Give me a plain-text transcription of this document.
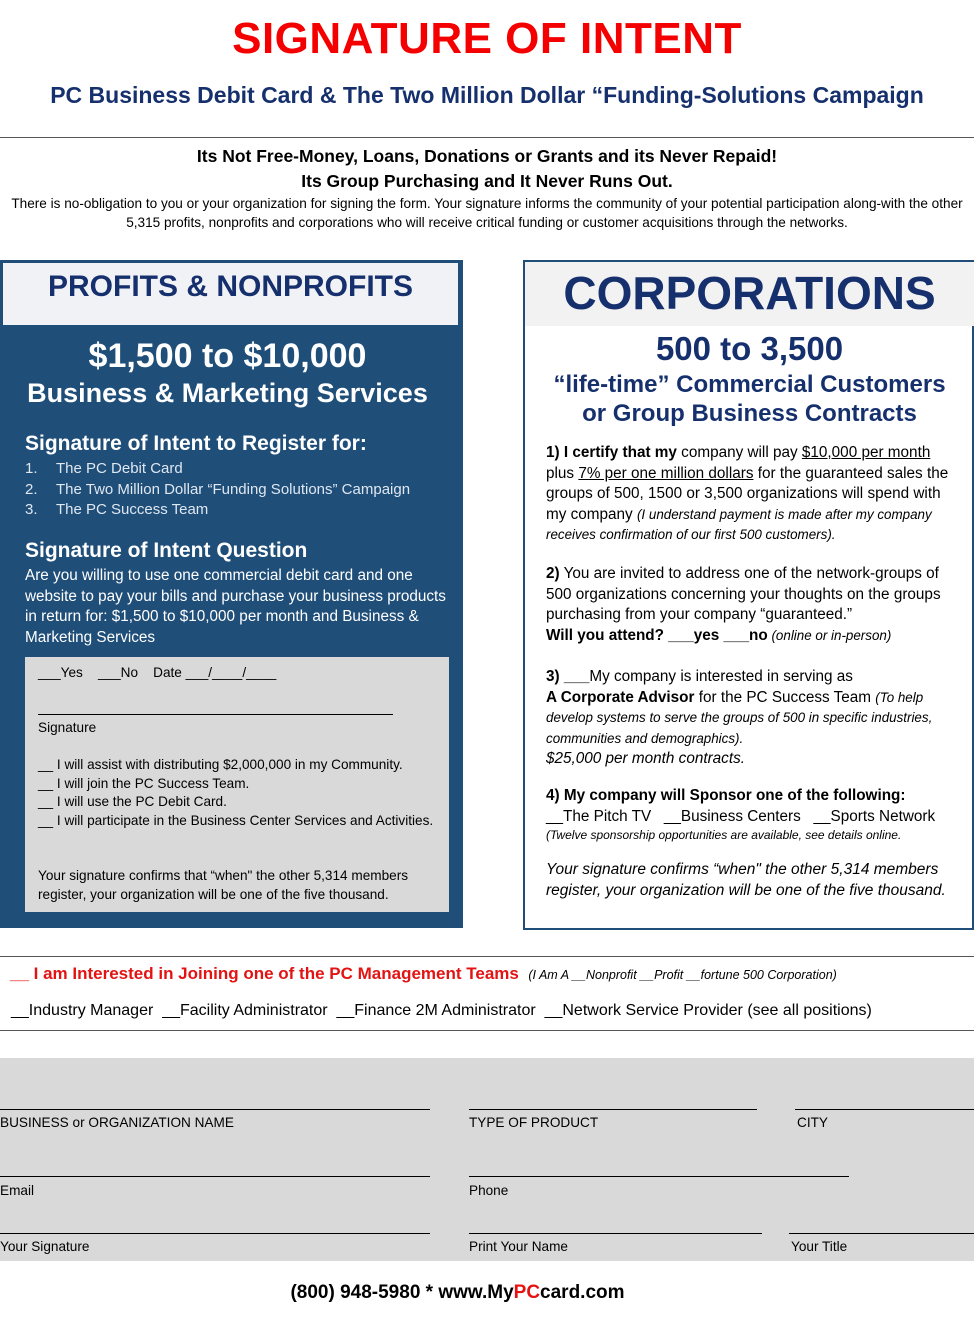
SIGNATURE OF INTENT
PC Business Debit Card & The Two Million Dollar “Funding-Solutions Campaign
Its Not Free-Money, Loans, Donations or Grants and its Never Repaid!
Its Group Purchasing and It Never Runs Out.
There is no-obligation to you or your organization for signing the form. Your signature informs the community of your potential participation along-with the other 5,315 profits, nonprofits and corporations who will receive critical funding or customer acquisitions through the networks.
PROFITS & NONPROFITS
$1,500 to $10,000
Business & Marketing Services
Signature of Intent to Register for:
1. The PC Debit Card
2. The Two Million Dollar “Funding Solutions” Campaign
3. The PC Success Team
Signature of Intent Question
Are you willing to use one commercial debit card and one website to pay your bills and purchase your business products in return for: $1,500 to $10,000 per month and Business & Marketing Services
___Yes    ___No    Date ___/____/____
Signature
__ I will assist with distributing $2,000,000 in my Community.
__ I will join the PC Success Team.
__ I will use the PC Debit Card.
__ I will participate in the Business Center Services and Activities.
Your signature confirms that “when" the other 5,314 members register, your organization will be one of the five thousand.
CORPORATIONS
500 to 3,500
“life-time” Commercial Customers
or Group Business Contracts
1) I certify that my company will pay $10,000 per month
plus 7% per one million dollars for the guaranteed sales the groups of 500, 1500 or 3,500 organizations will spend with my company (I understand payment is made after my company receives confirmation of our first 500 customers).
2) You are invited to address one of the network-groups of 500 organizations concerning your thoughts on the groups purchasing from your company “guaranteed.”
Will you attend? ___yes ___no (online or in-person)
3) ___My company is interested in serving as
A Corporate Advisor for the PC Success Team (To help develop systems to serve the groups of 500 in specific industries, communities and demographics).
$25,000 per month contracts.
4) My company will Sponsor one of the following:
__The Pitch TV   __Business Centers   __Sports Network
(Twelve sponsorship opportunities are available, see details online.
Your signature confirms “when" the other 5,314 members register, your organization will be one of the five thousand.
__ I am Interested in Joining one of the PC Management Teams (I Am A __Nonprofit __Profit __fortune 500 Corporation)
__Industry Manager  __Facility Administrator  __Finance 2M Administrator  __Network Service Provider (see all positions)
BUSINESS or ORGANIZATION NAME	TYPE OF PRODUCT	CITY
Email	Phone
Your Signature	Print Your Name	Your Title
(800) 948-5980 * www.MyPCcard.com
